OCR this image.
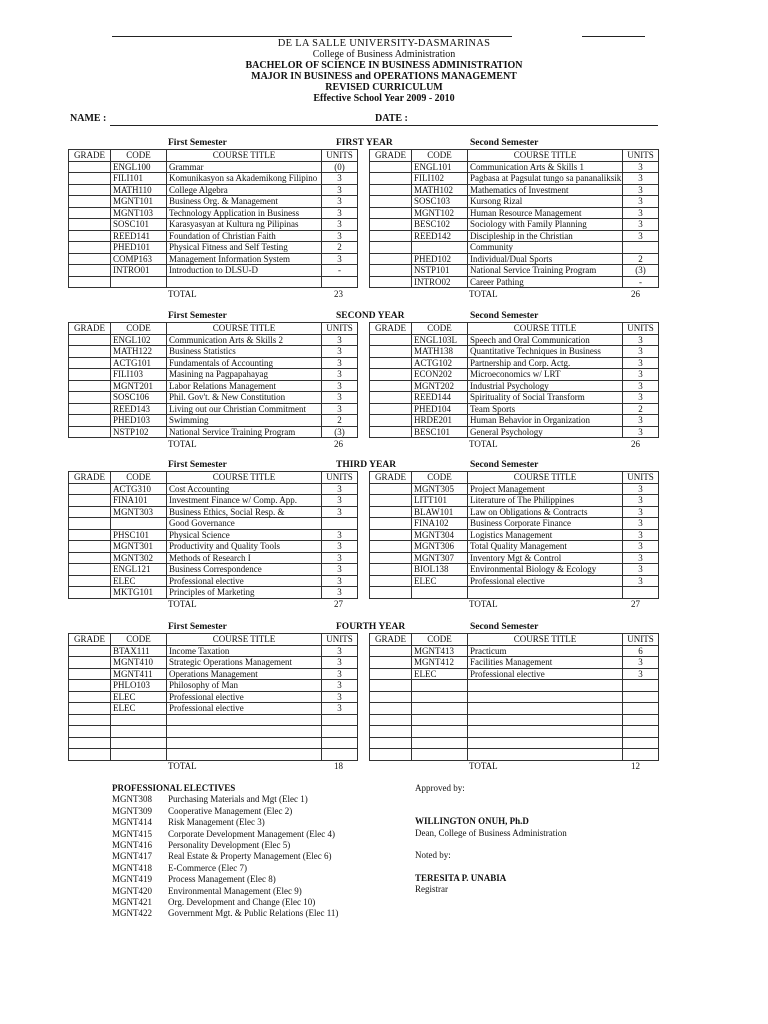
DE LA SALLE UNIVERSITY-DASMARINAS
College of Business Administration
BACHELOR OF SCIENCE IN BUSINESS ADMINISTRATION
MAJOR IN BUSINESS and OPERATIONS MANAGEMENT
REVISED CURRICULUM
Effective School Year 2009 - 2010
NAME :	DATE :
First Semester	FIRST YEAR	Second Semester
GRADE	CODE	COURSE TITLE	UNITS
	ENGL100	Grammar	(0)
	FILI101	Komunikasyon sa Akademikong Filipino	3
	MATH110	College Algebra	3
	MGNT101	Business Org. & Management	3
	MGNT103	Technology Application in Business	3
	SOSC101	Karasyasyan at Kultura ng Pilipinas	3
	REED141	Foundation of Christian Faith	3
	PHED101	Physical Fitness and Self Testing	2
	COMP163	Management Information System	3
	INTRO01	Introduction to DLSU-D	-

GRADE	CODE	COURSE TITLE	UNITS
	ENGL101	Communication Arts & Skills 1	3
	FILI102	Pagbasa at Pagsulat tungo sa pananaliksik	3
	MATH102	Mathematics of Investment	3
	SOSC103	Kursong Rizal	3
	MGNT102	Human Resource Management	3
	BESC102	Sociology with Family Planning	3
	REED142	Discipleship in the Christian	3
		Community	
	PHED102	Individual/Dual Sports	2
	NSTP101	National Service Training Program	(3)
	INTRO02	Career Pathing	-
TOTAL	23	TOTAL	26
First Semester	SECOND YEAR	Second Semester
GRADE	CODE	COURSE TITLE	UNITS
	ENGL102	Communication Arts & Skills 2	3
	MATH122	Business Statistics	3
	ACTG101	Fundamentals of Accounting	3
	FILI103	Masining na Pagpapahayag	3
	MGNT201	Labor Relations Management	3
	SOSC106	Phil. Gov't. & New Constitution	3
	REED143	Living out our Christian Commitment	3
	PHED103	Swimming	2
	NSTP102	National Service Training Program	(3)
GRADE	CODE	COURSE TITLE	UNITS
	ENGL103L	Speech and Oral Communication	3
	MATH138	Quantitative Techniques in Business	3
	ACTG102	Partnership and Corp. Actg.	3
	ECON202	Microeconomics w/ LRT	3
	MGNT202	Industrial Psychology	3
	REED144	Spirituality of Social Transform	3
	PHED104	Team Sports	2
	HRDE201	Human Behavior in Organization	3
	BESC101	General Psychology	3
TOTAL	26	TOTAL	26
First Semester	THIRD YEAR	Second Semester
GRADE	CODE	COURSE TITLE	UNITS
	ACTG310	Cost Accounting	3
	FINA101	Investment Finance w/ Comp. App.	3
	MGNT303	Business Ethics, Social Resp. &	3
		Good Governance	
	PHSC101	Physical Science	3
	MGNT301	Productivity and Quality Tools	3
	MGNT302	Methods of Research I	3
	ENGL121	Business Correspondence	3
	ELEC	Professional elective	3
	MKTG101	Principles of Marketing	3
GRADE	CODE	COURSE TITLE	UNITS
	MGNT305	Project Management	3
	LITT101	Literature of The Philippines	3
	BLAW101	Law on Obligations & Contracts	3
	FINA102	Business Corporate Finance	3
	MGNT304	Logistics Management	3
	MGNT306	Total Quality Management	3
	MGNT307	Inventory Mgt & Control	3
	BIOL138	Environmental Biology & Ecology	3
	ELEC	Professional elective	3

TOTAL	27	TOTAL	27
First Semester	FOURTH YEAR	Second Semester
GRADE	CODE	COURSE TITLE	UNITS
	BTAX111	Income Taxation	3
	MGNT410	Strategic Operations Management	3
	MGNT411	Operations Management	3
	PHLO103	Philosophy of Man	3
	ELEC	Professional elective	3
	ELEC	Professional elective	3

GRADE	CODE	COURSE TITLE	UNITS
	MGNT413	Practicum	6
	MGNT412	Facilities Management	3
	ELEC	Professional elective	3

TOTAL	18	TOTAL	12
PROFESSIONAL ELECTIVES
MGNT308 Purchasing Materials and Mgt (Elec 1)
MGNT309 Cooperative Management (Elec 2)
MGNT414 Risk Management (Elec 3)
MGNT415 Corporate Development Management (Elec 4)
MGNT416 Personality Development (Elec 5)
MGNT417 Real Estate & Property Management (Elec 6)
MGNT418 E-Commerce (Elec 7)
MGNT419 Process Management (Elec 8)
MGNT420 Environmental Management (Elec 9)
MGNT421 Org. Development and Change (Elec 10)
MGNT422 Government Mgt. & Public Relations (Elec 11)
Approved by:
WILLINGTON ONUH, Ph.D
Dean, College of Business Administration
Noted by:
TERESITA P. UNABIA
Registrar
